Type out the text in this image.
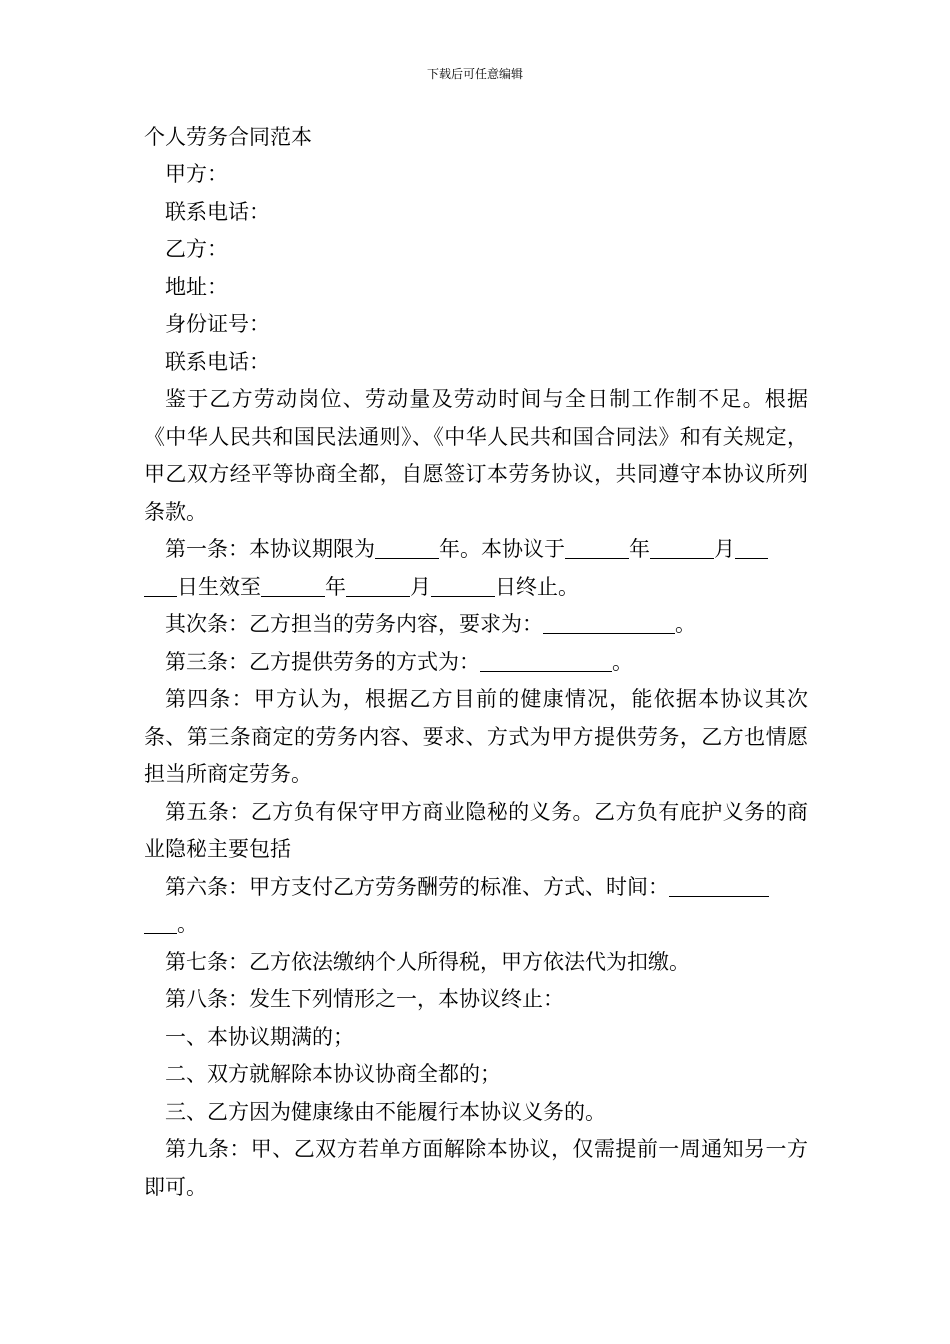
下载后可任意编辑
个人劳务合同范本

甲方：

联系电话：

乙方：

地址：

身份证号：

联系电话：

鉴于乙方劳动岗位、劳动量及劳动时间与全日制工作制不足。根据《中华人民共和国民法通则》、《中华人民共和国合同法》和有关规定，甲乙双方经平等协商全都，自愿签订本劳务协议，共同遵守本协议所列条款。

第一条：本协议期限为	年。本协议于	年	月
日生效至	年	月	日终止。

其次条：乙方担当的劳务内容，要求为：	。

第三条：乙方提供劳务的方式为：	。

第四条：甲方认为，根据乙方目前的健康情况，能依据本协议其次条、第三条商定的劳务内容、要求、方式为甲方提供劳务，乙方也情愿担当所商定劳务。

第五条：乙方负有保守甲方商业隐秘的义务。乙方负有庇护义务的商业隐秘主要包括

第六条：甲方支付乙方劳务酬劳的标准、方式、时间：
。

第七条：乙方依法缴纳个人所得税，甲方依法代为扣缴。

第八条：发生下列情形之一，本协议终止：

一、本协议期满的；

二、双方就解除本协议协商全都的；

三、乙方因为健康缘由不能履行本协议义务的。

第九条：甲、乙双方若单方面解除本协议，仅需提前一周通知另一方即可。
